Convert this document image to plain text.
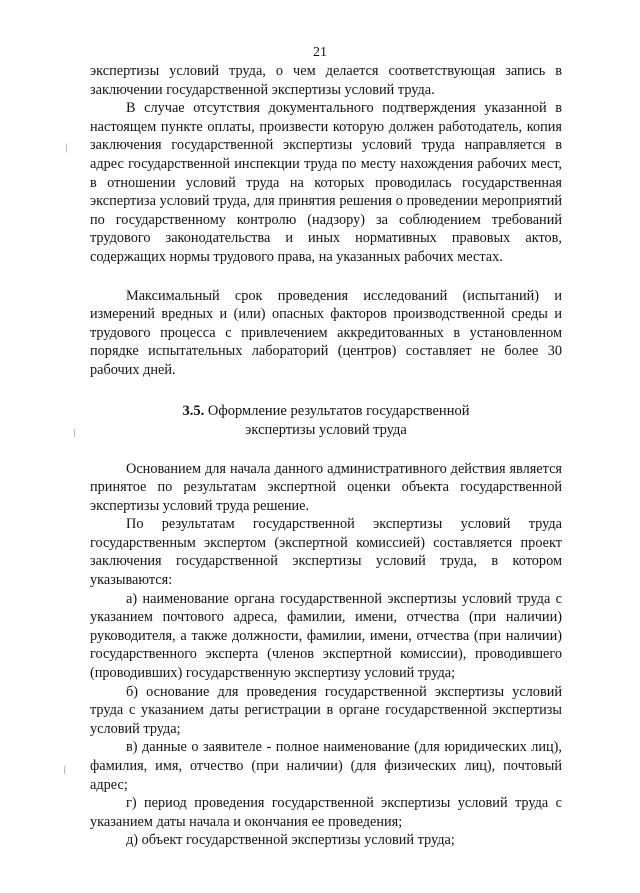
21

экспертизы условий труда, о чем делается соответствующая запись в заключении государственной экспертизы условий труда.

В случае отсутствия документального подтверждения указанной в настоящем пункте оплаты, произвести которую должен работодатель, копия заключения государственной экспертизы условий труда направляется в адрес государственной инспекции труда по месту нахождения рабочих мест, в отношении условий труда на которых проводилась государственная экспертиза условий труда, для принятия решения о проведении мероприятий по государственному контролю (надзору) за соблюдением требований трудового законодательства и иных нормативных правовых актов, содержащих нормы трудового права, на указанных рабочих местах.

Максимальный срок проведения исследований (испытаний) и измерений вредных и (или) опасных факторов производственной среды и трудового процесса с привлечением аккредитованных в установленном порядке испытательных лабораторий (центров) составляет не более 30 рабочих дней.

3.5. Оформление результатов государственной

экспертизы условий труда

Основанием для начала данного административного действия является принятое по результатам экспертной оценки объекта государственной экспертизы условий труда решение.

По результатам государственной экспертизы условий труда государственным экспертом (экспертной комиссией) составляется проект заключения государственной экспертизы условий труда, в котором указываются:

а) наименование органа государственной экспертизы условий труда с указанием почтового адреса, фамилии, имени, отчества (при наличии) руководителя, а также должности, фамилии, имени, отчества (при наличии) государственного эксперта (членов экспертной комиссии), проводившего (проводивших) государственную экспертизу условий труда;

б) основание для проведения государственной экспертизы условий труда с указанием даты регистрации в органе государственной экспертизы условий труда;

в) данные о заявителе - полное наименование (для юридических лиц), фамилия, имя, отчество (при наличии) (для физических лиц), почтовый адрес;

г) период проведения государственной экспертизы условий труда с указанием даты начала и окончания ее проведения;

д) объект государственной экспертизы условий труда;
